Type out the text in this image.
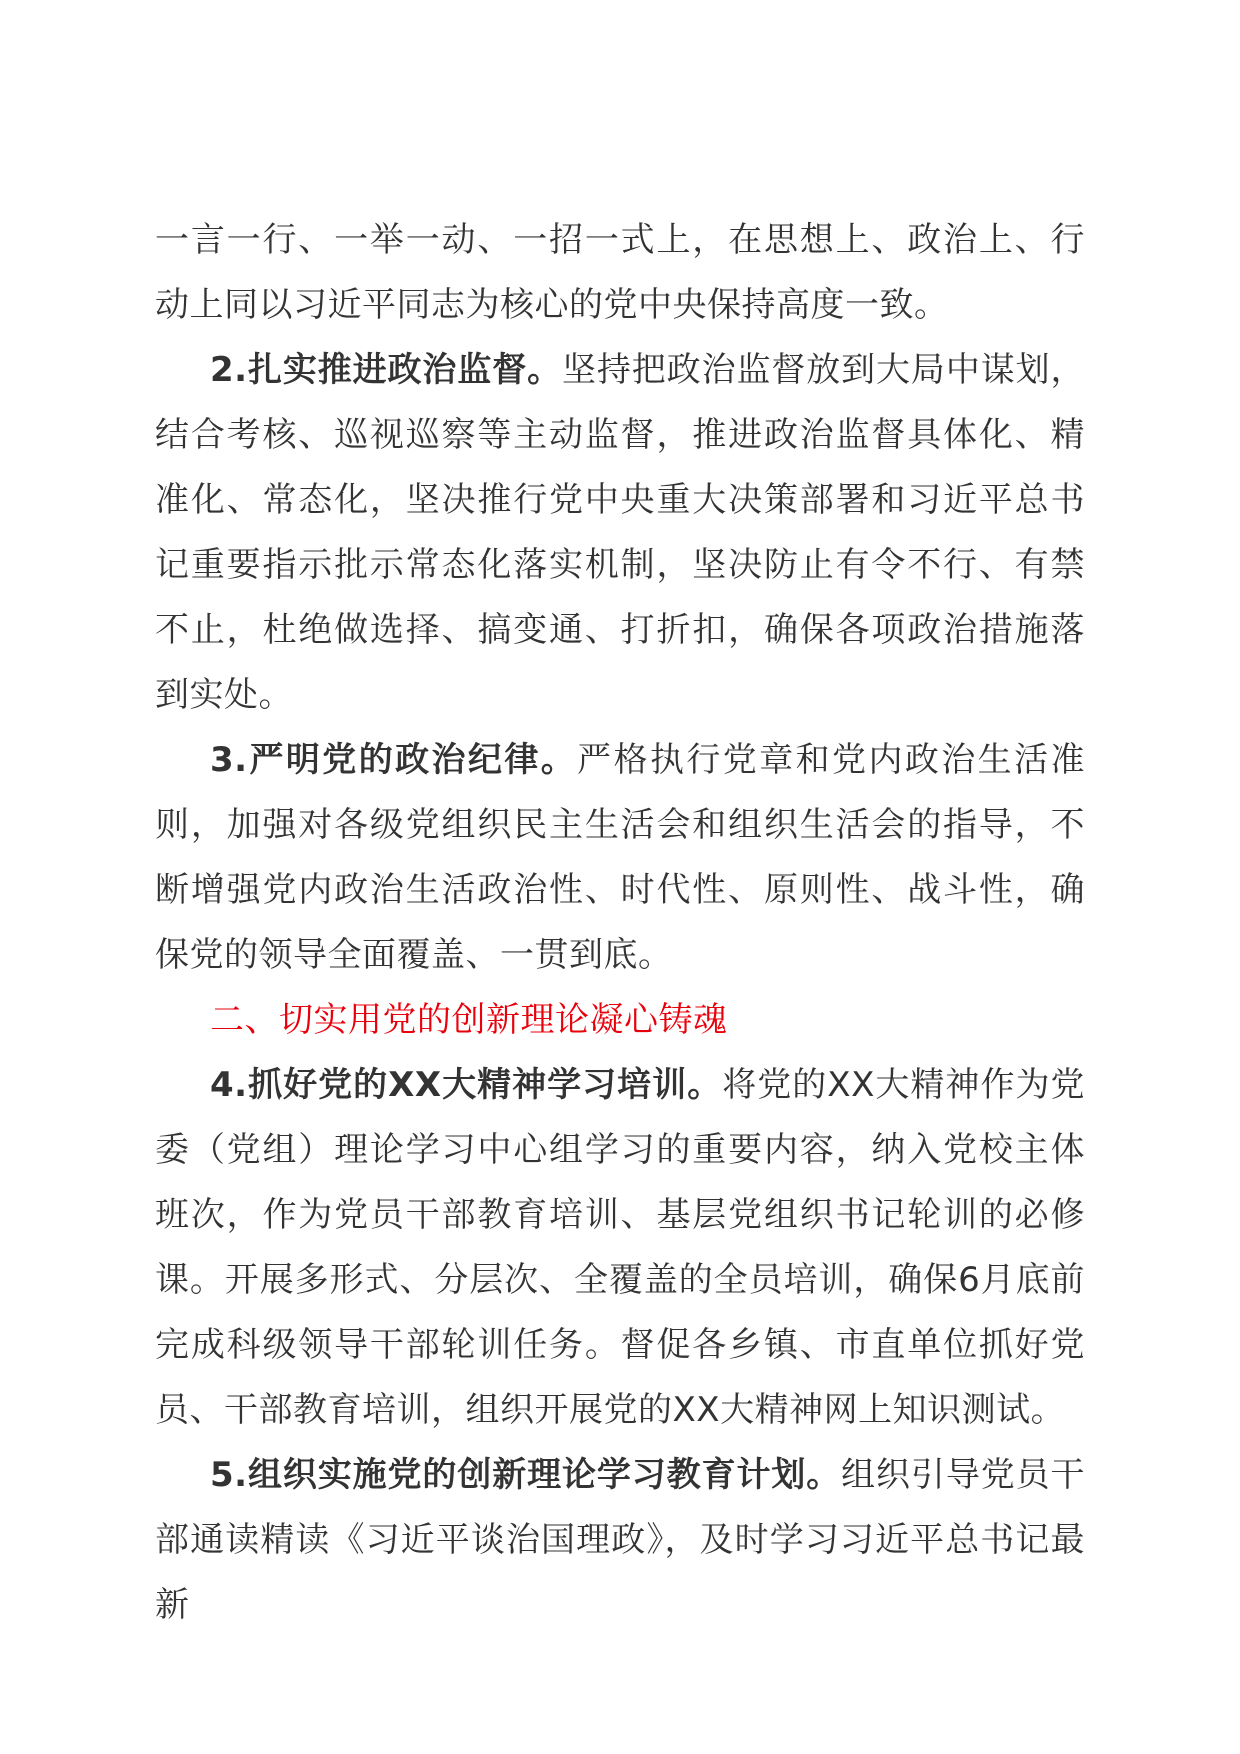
一言一行、一举一动、一招一式上，在思想上、政治上、行动上同以习近平同志为核心的党中央保持高度一致。

2.扎实推进政治监督。坚持把政治监督放到大局中谋划，结合考核、巡视巡察等主动监督，推进政治监督具体化、精准化、常态化，坚决推行党中央重大决策部署和习近平总书记重要指示批示常态化落实机制，坚决防止有令不行、有禁不止，杜绝做选择、搞变通、打折扣，确保各项政治措施落到实处。

3.严明党的政治纪律。严格执行党章和党内政治生活准则，加强对各级党组织民主生活会和组织生活会的指导，不断增强党内政治生活政治性、时代性、原则性、战斗性，确保党的领导全面覆盖、一贯到底。

二、切实用党的创新理论凝心铸魂

4.抓好党的XX大精神学习培训。将党的XX大精神作为党委（党组）理论学习中心组学习的重要内容，纳入党校主体班次，作为党员干部教育培训、基层党组织书记轮训的必修课。开展多形式、分层次、全覆盖的全员培训，确保6月底前完成科级领导干部轮训任务。督促各乡镇、市直单位抓好党员、干部教育培训，组织开展党的XX大精神网上知识测试。

5.组织实施党的创新理论学习教育计划。组织引导党员干部通读精读《习近平谈治国理政》，及时学习习近平总书记最新
